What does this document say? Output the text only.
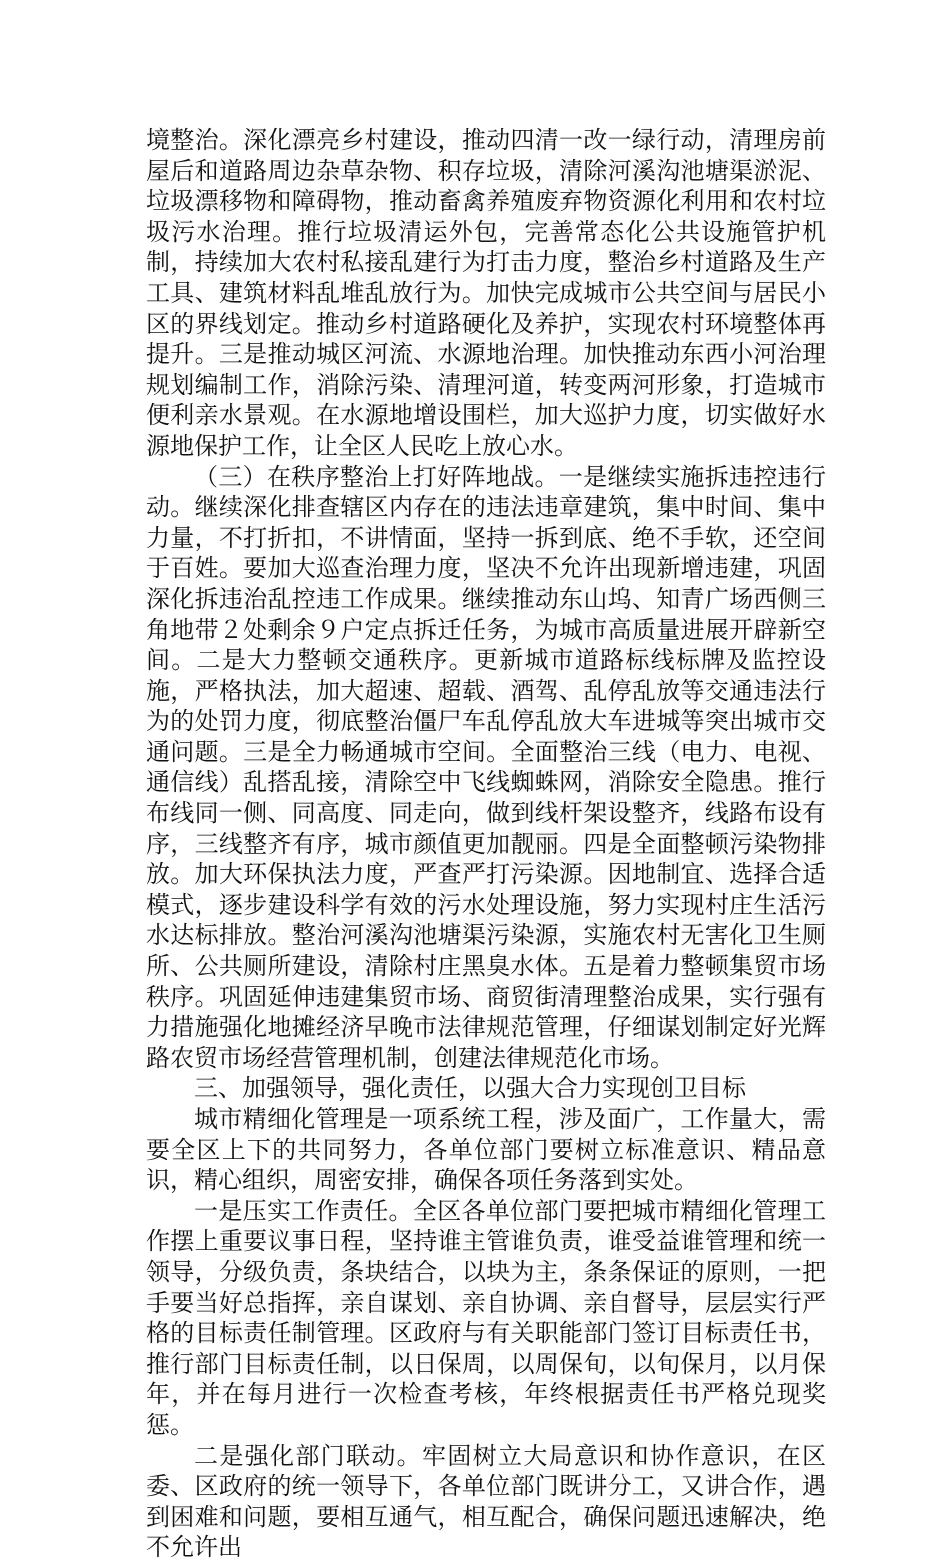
境整治。深化漂亮乡村建设，推动四清一改一绿行动，清理房前屋后和道路周边杂草杂物、积存垃圾，清除河溪沟池塘渠淤泥、垃圾漂移物和障碍物，推动畜禽养殖废弃物资源化利用和农村垃圾污水治理。推行垃圾清运外包，完善常态化公共设施管护机制，持续加大农村私接乱建行为打击力度，整治乡村道路及生产工具、建筑材料乱堆乱放行为。加快完成城市公共空间与居民小区的界线划定。推动乡村道路硬化及养护，实现农村环境整体再提升。三是推动城区河流、水源地治理。加快推动东西小河治理规划编制工作，消除污染、清理河道，转变两河形象，打造城市便利亲水景观。在水源地增设围栏，加大巡护力度，切实做好水源地保护工作，让全区人民吃上放心水。

（三）在秩序整治上打好阵地战。一是继续实施拆违控违行动。继续深化排查辖区内存在的违法违章建筑，集中时间、集中力量，不打折扣，不讲情面，坚持一拆到底、绝不手软，还空间于百姓。要加大巡查治理力度，坚决不允许出现新增违建，巩固深化拆违治乱控违工作成果。继续推动东山坞、知青广场西侧三角地带２处剩余９户定点拆迁任务，为城市高质量进展开辟新空间。二是大力整顿交通秩序。更新城市道路标线标牌及监控设施，严格执法，加大超速、超载、酒驾、乱停乱放等交通违法行为的处罚力度，彻底整治僵尸车乱停乱放大车进城等突出城市交通问题。三是全力畅通城市空间。全面整治三线（电力、电视、通信线）乱搭乱接，清除空中飞线蜘蛛网，消除安全隐患。推行布线同一侧、同高度、同走向，做到线杆架设整齐，线路布设有序，三线整齐有序，城市颜值更加靓丽。四是全面整顿污染物排放。加大环保执法力度，严查严打污染源。因地制宜、选择合适模式，逐步建设科学有效的污水处理设施，努力实现村庄生活污水达标排放。整治河溪沟池塘渠污染源，实施农村无害化卫生厕所、公共厕所建设，清除村庄黑臭水体。五是着力整顿集贸市场秩序。巩固延伸违建集贸市场、商贸街清理整治成果，实行强有力措施强化地摊经济早晚市法律规范管理，仔细谋划制定好光辉路农贸市场经营管理机制，创建法律规范化市场。

三、加强领导，强化责任，以强大合力实现创卫目标

城市精细化管理是一项系统工程，涉及面广，工作量大，需要全区上下的共同努力，各单位部门要树立标准意识、精品意识，精心组织，周密安排，确保各项任务落到实处。

一是压实工作责任。全区各单位部门要把城市精细化管理工作摆上重要议事日程，坚持谁主管谁负责，谁受益谁管理和统一领导，分级负责，条块结合，以块为主，条条保证的原则，一把手要当好总指挥，亲自谋划、亲自协调、亲自督导，层层实行严格的目标责任制管理。区政府与有关职能部门签订目标责任书，推行部门目标责任制，以日保周，以周保旬，以旬保月，以月保年，并在每月进行一次检查考核，年终根据责任书严格兑现奖惩。

二是强化部门联动。牢固树立大局意识和协作意识，在区委、区政府的统一领导下，各单位部门既讲分工，又讲合作，遇到困难和问题，要相互通气，相互配合，确保问题迅速解决，绝不允许出
